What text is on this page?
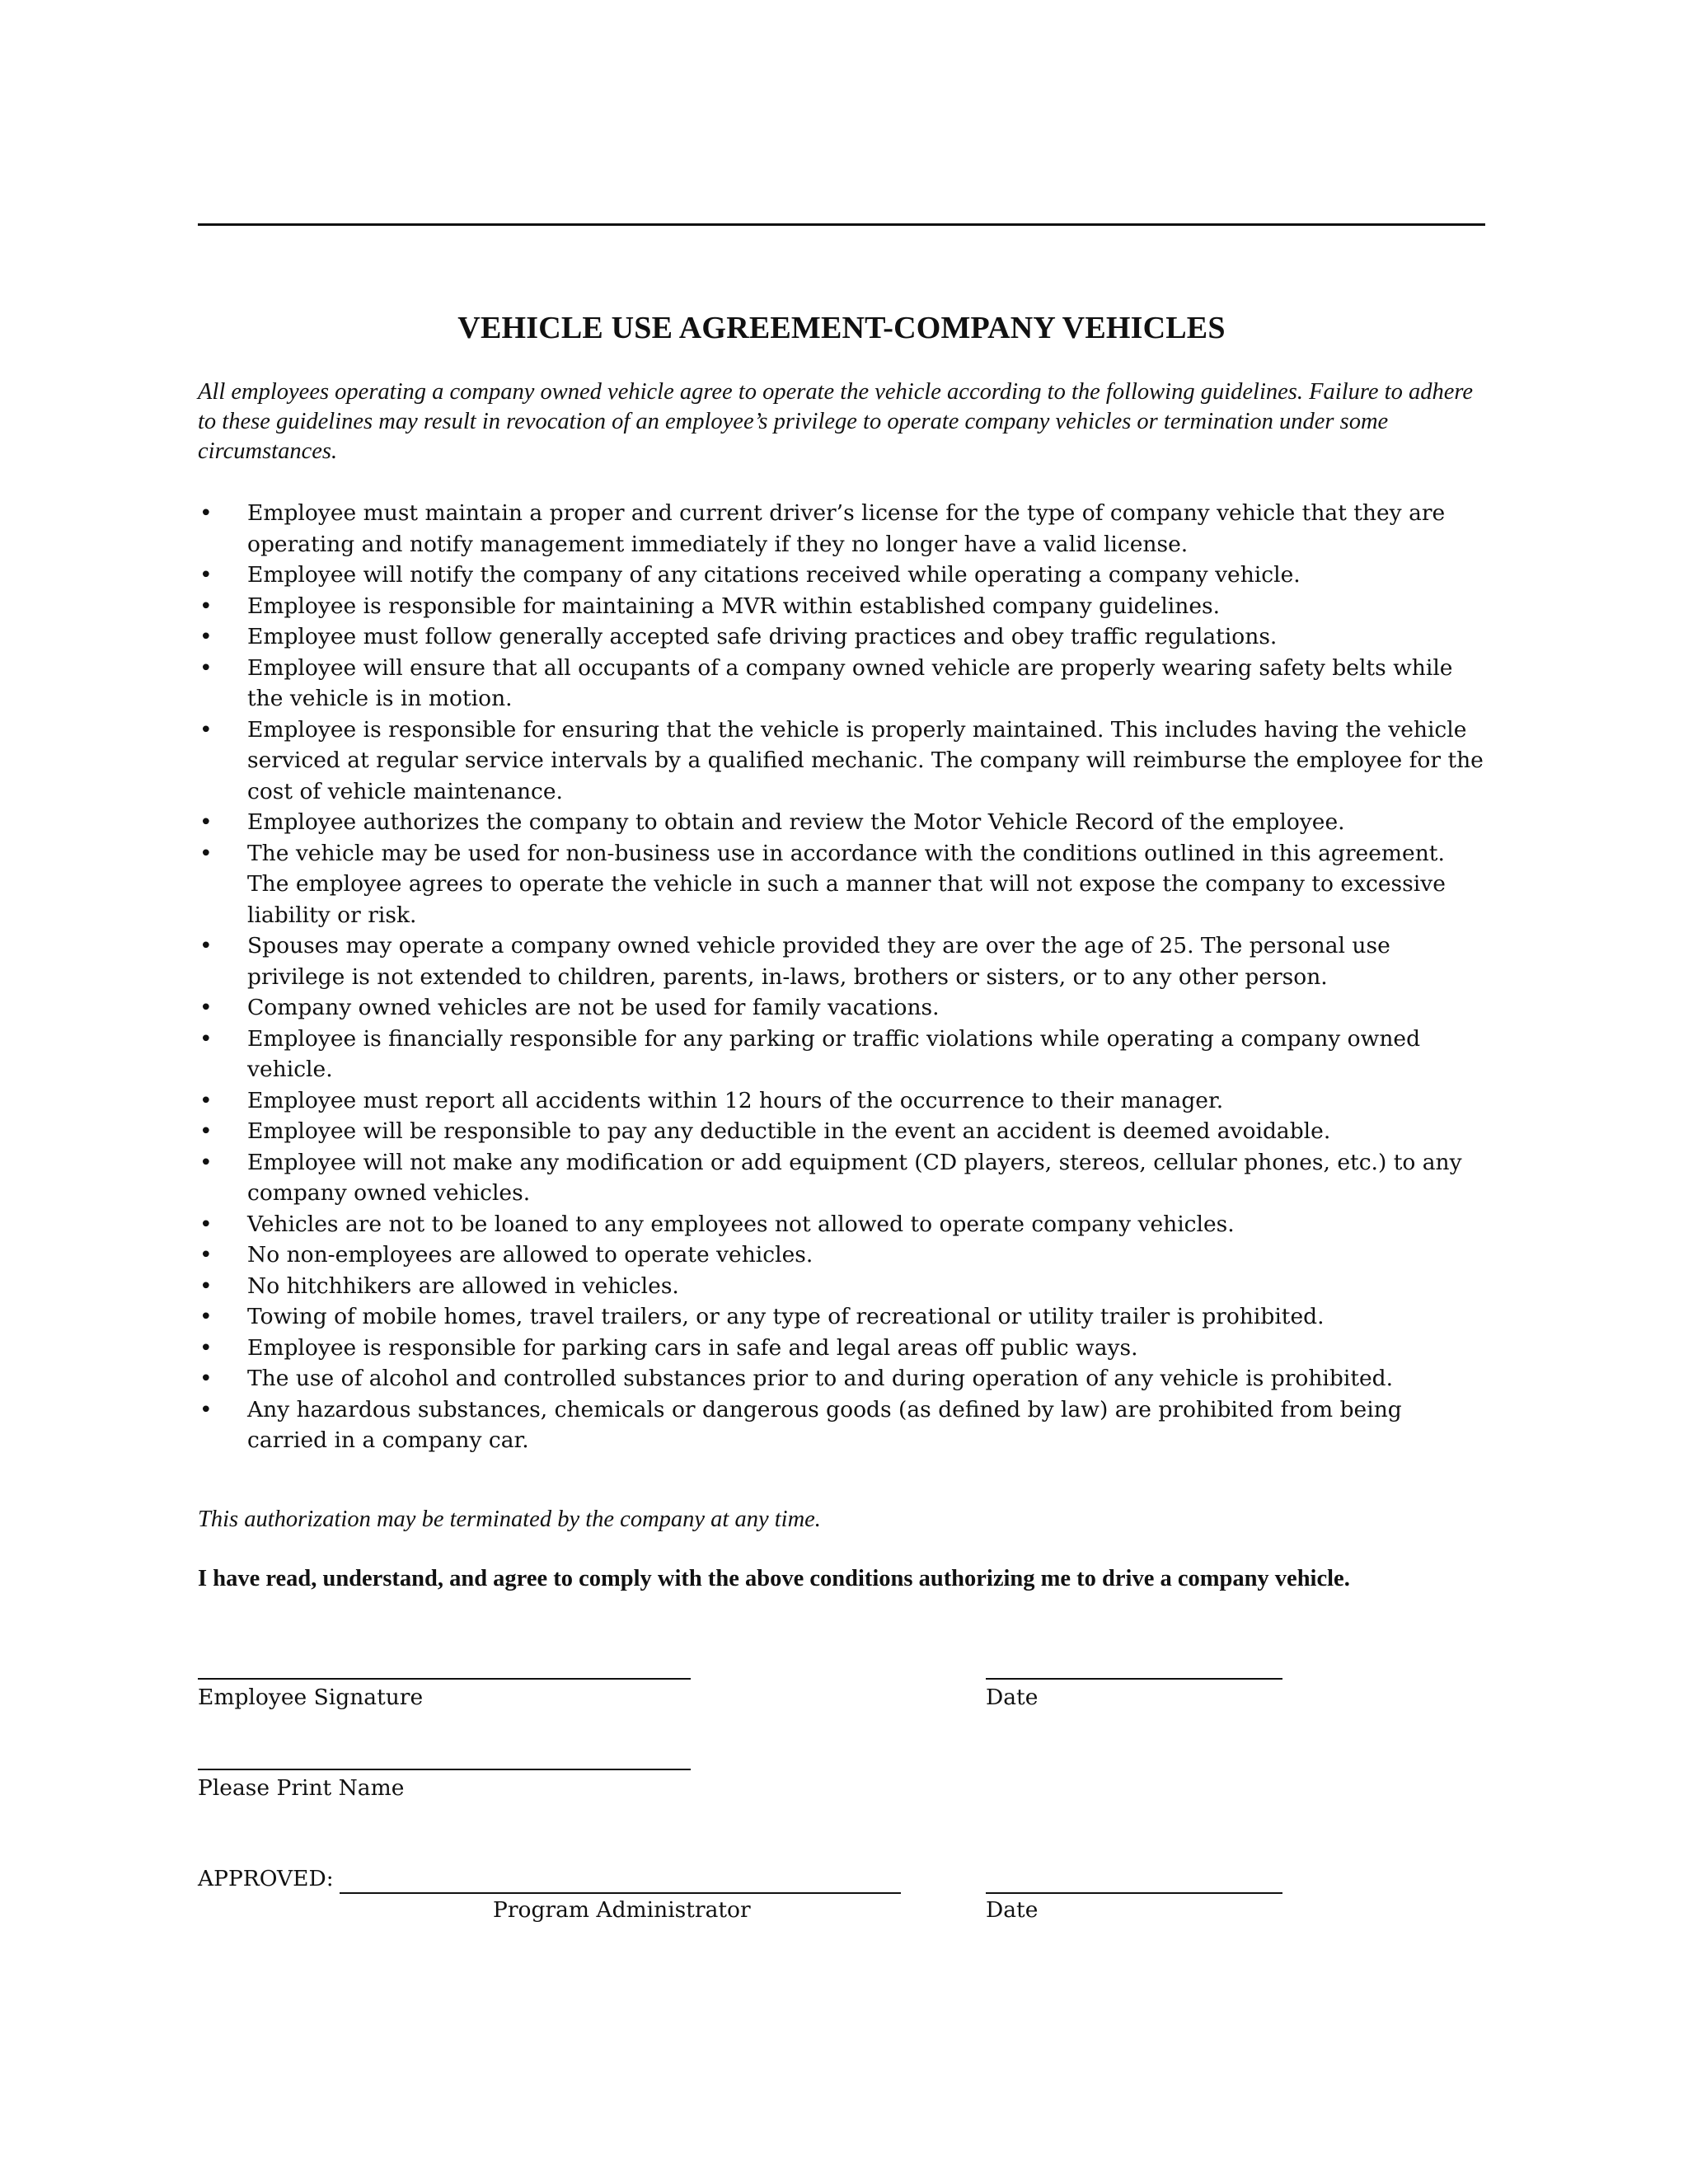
VEHICLE USE AGREEMENT-COMPANY VEHICLES
All employees operating a company owned vehicle agree to operate the vehicle according to the following guidelines. Failure to adhere to these guidelines may result in revocation of an employee’s privilege to operate company vehicles or termination under some circumstances.
• Employee must maintain a proper and current driver’s license for the type of company vehicle that they are operating and notify management immediately if they no longer have a valid license.
• Employee will notify the company of any citations received while operating a company vehicle.
• Employee is responsible for maintaining a MVR within established company guidelines.
• Employee must follow generally accepted safe driving practices and obey traffic regulations.
• Employee will ensure that all occupants of a company owned vehicle are properly wearing safety belts while the vehicle is in motion.
• Employee is responsible for ensuring that the vehicle is properly maintained. This includes having the vehicle serviced at regular service intervals by a qualified mechanic. The company will reimburse the employee for the cost of vehicle maintenance.
• Employee authorizes the company to obtain and review the Motor Vehicle Record of the employee.
• The vehicle may be used for non-business use in accordance with the conditions outlined in this agreement. The employee agrees to operate the vehicle in such a manner that will not expose the company to excessive liability or risk.
• Spouses may operate a company owned vehicle provided they are over the age of 25. The personal use privilege is not extended to children, parents, in-laws, brothers or sisters, or to any other person.
• Company owned vehicles are not be used for family vacations.
• Employee is financially responsible for any parking or traffic violations while operating a company owned vehicle.
• Employee must report all accidents within 12 hours of the occurrence to their manager.
• Employee will be responsible to pay any deductible in the event an accident is deemed avoidable.
• Employee will not make any modification or add equipment (CD players, stereos, cellular phones, etc.) to any company owned vehicles.
• Vehicles are not to be loaned to any employees not allowed to operate company vehicles.
• No non-employees are allowed to operate vehicles.
• No hitchhikers are allowed in vehicles.
• Towing of mobile homes, travel trailers, or any type of recreational or utility trailer is prohibited.
• Employee is responsible for parking cars in safe and legal areas off public ways.
• The use of alcohol and controlled substances prior to and during operation of any vehicle is prohibited.
• Any hazardous substances, chemicals or dangerous goods (as defined by law) are prohibited from being carried in a company car.
This authorization may be terminated by the company at any time.
I have read, understand, and agree to comply with the above conditions authorizing me to drive a company vehicle.
Employee Signature	Date
Please Print Name
APPROVED:
Program Administrator	Date
